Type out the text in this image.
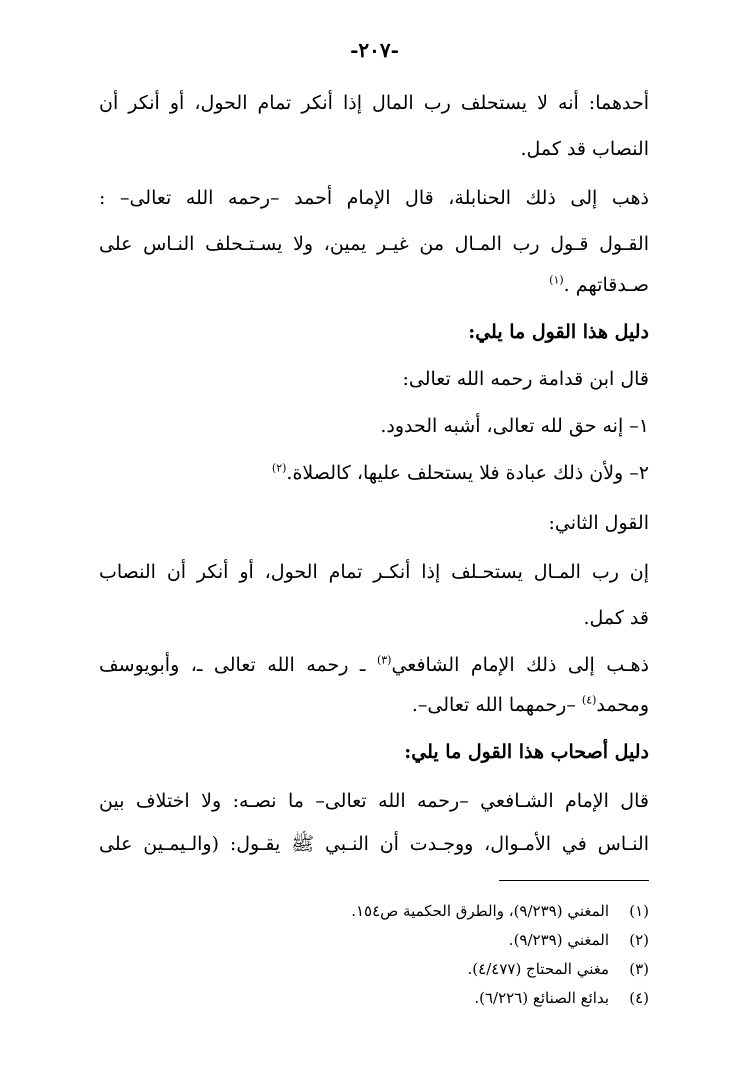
-٢٠٧-
أحدهما: أنه لا يستحلف رب المال إذا أنكر تمام الحول، أو أنكر أن
النصاب قد كمل.
ذهب إلى ذلك الحنابلة، قال الإمام أحمد –رحمه الله تعالى– :
القـول قـول رب المـال من غيـر يمين، ولا يسـتـحلف النـاس على
صـدقاتهم .$^{(١)}$
دليل هذا القول ما يلي:
قال ابن قدامة رحمه الله تعالى:
١– إنه حق لله تعالى، أشبه الحدود.
٢– ولأن ذلك عبادة فلا يستحلف عليها، كالصلاة.$^{(٢)}$
القول الثاني:
إن رب المـال يستحـلف إذا أنكـر تمام الحول، أو أنكر أن النصاب
قد كمل.
ذهـب إلى ذلك الإمام الشافعي$^{(٣)}$ ـ رحمه الله تعالى ـ، وأبويوسف
ومحمد$^{(٤)}$ –رحمهما الله تعالى–.
دليل أصحاب هذا القول ما يلي:
قال الإمام الشـافعي –رحمه الله تعالى– ما نصـه: ولا اختلاف بين
النـاس في الأمـوال، ووجـدت أن النـبي ﷺ يقـول: (والـيمـين على
(١)المغني (٩/٢٣٩)، والطرق الحكمية ص١٥٤.
(٢)المغني (٩/٢٣٩).
(٣)مغني المحتاج (٤/٤٧٧).
(٤)بدائع الصنائع (٦/٢٢٦).
